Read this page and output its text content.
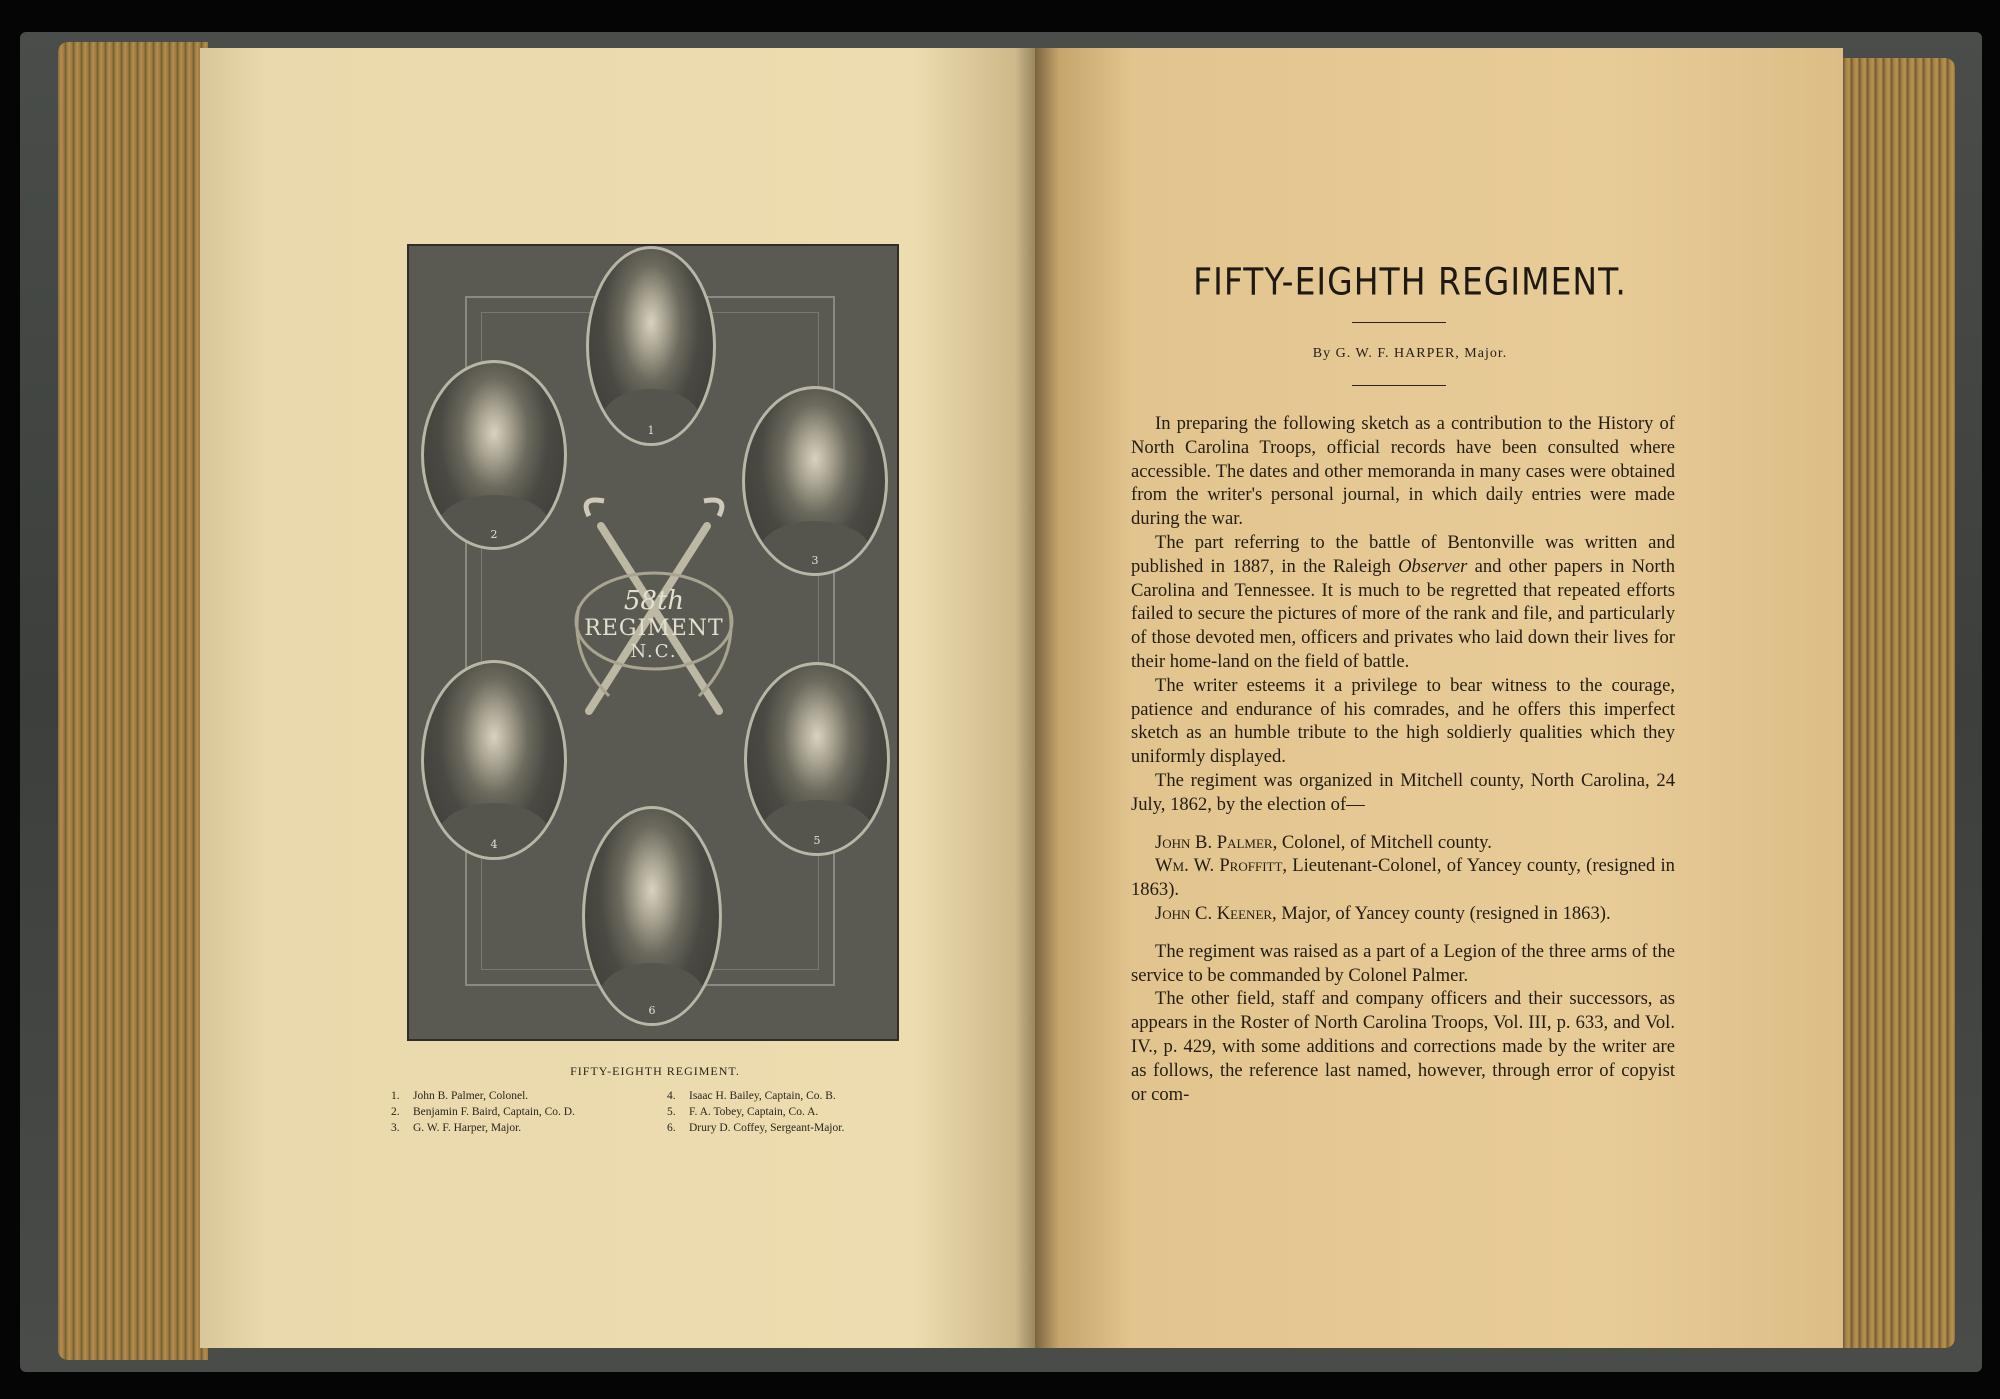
58th
REGIMENT
N.C.
1
2
3
4	5
6
FIFTY-EIGHTH REGIMENT.
1. John B. Palmer, Colonel.
2. Benjamin F. Baird, Captain, Co. D.
3. G. W. F. Harper, Major.
4. Isaac H. Bailey, Captain, Co. B.
5. F. A. Tobey, Captain, Co. A.
6. Drury D. Coffey, Sergeant-Major.
FIFTY-EIGHTH REGIMENT.
By G. W. F. HARPER, Major.

In preparing the following sketch as a contribution to the History of North Carolina Troops, official records have been consulted where accessible. The dates and other memoranda in many cases were obtained from the writer's personal journal, in which daily entries were made during the war.

The part referring to the battle of Bentonville was written and published in 1887, in the Raleigh Observer and other papers in North Carolina and Tennessee. It is much to be regretted that repeated efforts failed to secure the pictures of more of the rank and file, and particularly of those devoted men, officers and privates who laid down their lives for their home-land on the field of battle.

The writer esteems it a privilege to bear witness to the courage, patience and endurance of his comrades, and he offers this imperfect sketch as an humble tribute to the high soldierly qualities which they uniformly displayed.

The regiment was organized in Mitchell county, North Carolina, 24 July, 1862, by the election of—

John B. Palmer, Colonel, of Mitchell county.

Wm. W. Proffitt, Lieutenant-Colonel, of Yancey county, (resigned in 1863).

John C. Keener, Major, of Yancey county (resigned in 1863).

The regiment was raised as a part of a Legion of the three arms of the service to be commanded by Colonel Palmer.

The other field, staff and company officers and their successors, as appears in the Roster of North Carolina Troops, Vol. III, p. 633, and Vol. IV., p. 429, with some additions and corrections made by the writer are as follows, the reference last named, however, through error of copyist or com-
